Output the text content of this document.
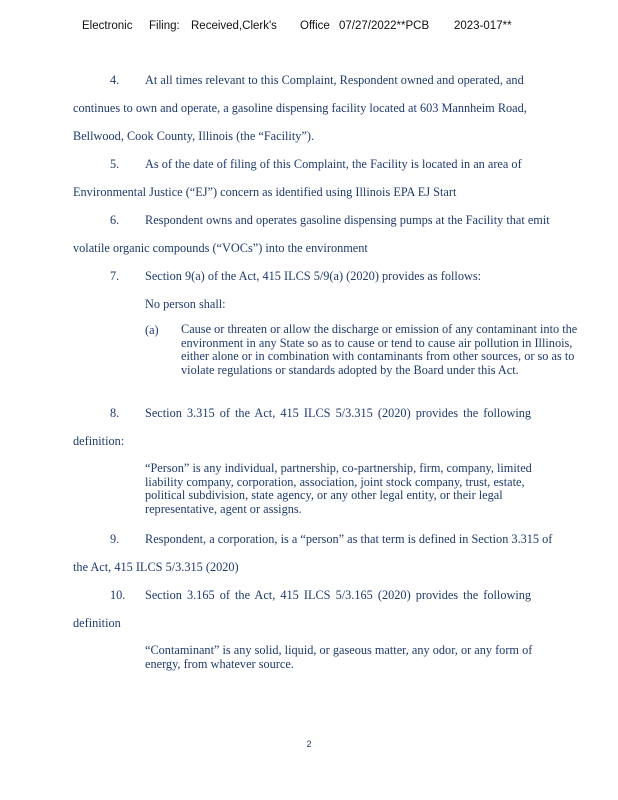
Electronic Filing: Received,Clerk's Office 07/27/2022**PCB 2023-017**
4. At all times relevant to this Complaint, Respondent owned and operated, and
continues to own and operate, a gasoline dispensing facility located at 603 Mannheim Road,
Bellwood, Cook County, Illinois (the “Facility”).
5. As of the date of filing of this Complaint, the Facility is located in an area of
Environmental Justice (“EJ”) concern as identified using Illinois EPA EJ Start
6. Respondent owns and operates gasoline dispensing pumps at the Facility that emit
volatile organic compounds (“VOCs”) into the environment
7. Section 9(a) of the Act, 415 ILCS 5/9(a) (2020) provides as follows:
No person shall:
(a) Cause or threaten or allow the discharge or emission of any contaminant into the environment in any State so as to cause or tend to cause air pollution in Illinois, either alone or in combination with contaminants from other sources, or so as to violate regulations or standards adopted by the Board under this Act.
8. Section 3.315 of the Act, 415 ILCS 5/3.315 (2020) provides the following
definition:
“Person” is any individual, partnership, co-partnership, firm, company, limited liability company, corporation, association, joint stock company, trust, estate, political subdivision, state agency, or any other legal entity, or their legal representative, agent or assigns.
9. Respondent, a corporation, is a “person” as that term is defined in Section 3.315 of
the Act, 415 ILCS 5/3.315 (2020)
10. Section 3.165 of the Act, 415 ILCS 5/3.165 (2020) provides the following
definition
“Contaminant” is any solid, liquid, or gaseous matter, any odor, or any form of energy, from whatever source.
2
